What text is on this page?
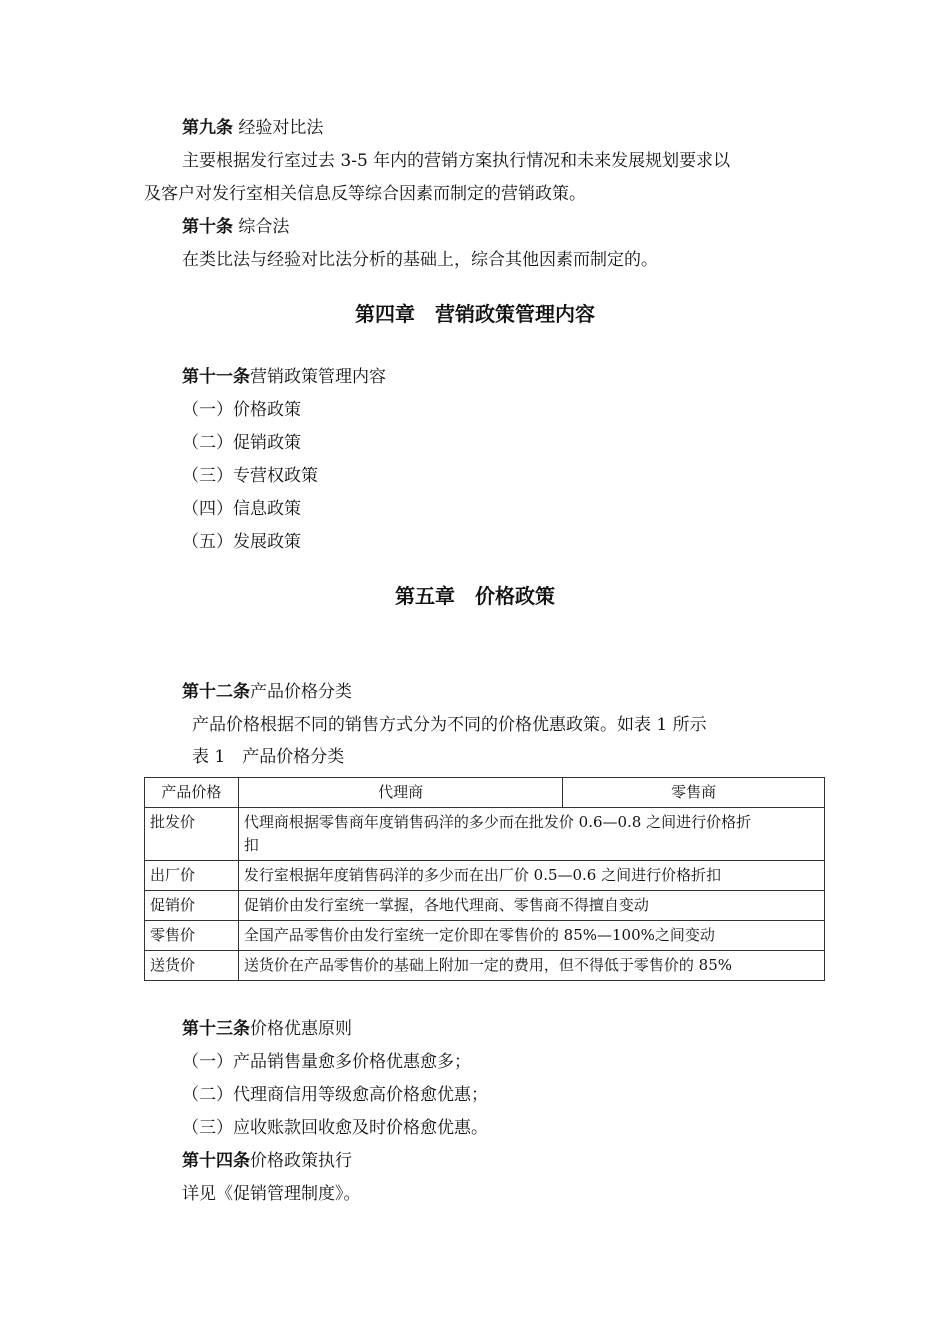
第九条 经验对比法
主要根据发行室过去 3-5 年内的营销方案执行情况和未来发展规划要求以
及客户对发行室相关信息反等综合因素而制定的营销政策。
第十条 综合法
在类比法与经验对比法分析的基础上，综合其他因素而制定的。
第四章　营销政策管理内容
第十一条营销政策管理内容
（一）价格政策
（二）促销政策
（三）专营权政策
（四）信息政策
（五）发展政策
第五章　价格政策
第十二条产品价格分类
产品价格根据不同的销售方式分为不同的价格优惠政策。如表 1 所示
表 1　产品价格分类
产品价格	代理商	零售商
批发价	代理商根据零售商年度销售码洋的多少而在批发价 0.6—0.8 之间进行价格折
扣	

出厂价	发行室根据年度销售码洋的多少而在出厂价 0.5—0.6 之间进行价格折扣	
促销价	促销价由发行室统一掌握，各地代理商、零售商不得擅自变动	
零售价	全国产品零售价由发行室统一定价即在零售价的 85%—100%之间变动	
送货价	送货价在产品零售价的基础上附加一定的费用，但不得低于零售价的 85%	
第十三条价格优惠原则
（一）产品销售量愈多价格优惠愈多；
（二）代理商信用等级愈高价格愈优惠；
（三）应收账款回收愈及时价格愈优惠。
第十四条价格政策执行
详见《促销管理制度》。
